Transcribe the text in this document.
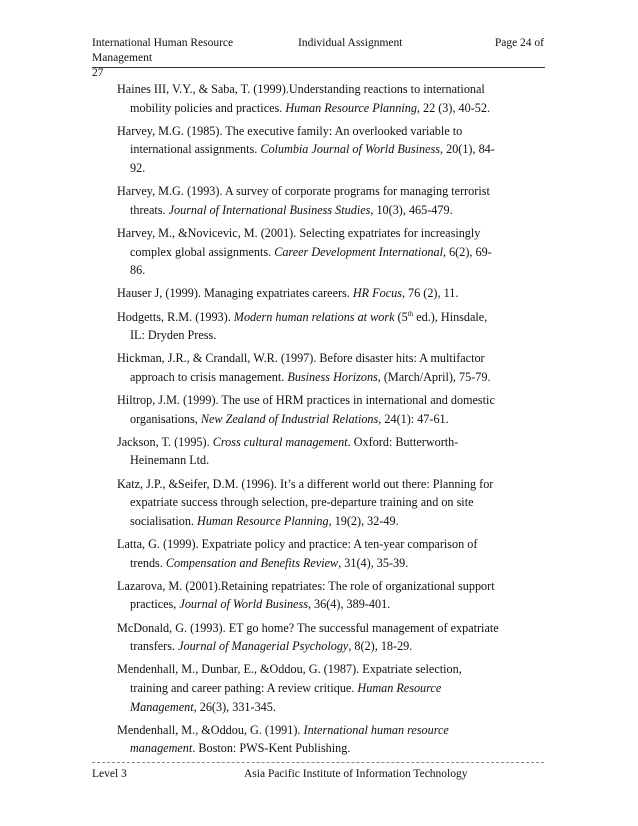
International Human Resource Management
Individual Assignment	Page 24 of
27

Haines III, V.Y., & Saba, T. (1999).Understanding reactions to international mobility policies and practices. Human Resource Planning, 22 (3), 40-52.

Harvey, M.G. (1985). The executive family: An overlooked variable to international assignments. Columbia Journal of World Business, 20(1), 84-92.

Harvey, M.G. (1993). A survey of corporate programs for managing terrorist threats. Journal of International Business Studies, 10(3), 465-479.

Harvey, M., &Novicevic, M. (2001). Selecting expatriates for increasingly complex global assignments. Career Development International, 6(2), 69-86.

Hauser J, (1999). Managing expatriates careers. HR Focus, 76 (2), 11.

Hodgetts, R.M. (1993). Modern human relations at work (5th ed.), Hinsdale, IL: Dryden Press.

Hickman, J.R., & Crandall, W.R. (1997). Before disaster hits: A multifactor approach to crisis management. Business Horizons, (March/April), 75-79.

Hiltrop, J.M. (1999). The use of HRM practices in international and domestic organisations, New Zealand of Industrial Relations, 24(1): 47-61.

Jackson, T. (1995). Cross cultural management. Oxford: Butterworth-Heinemann Ltd.

Katz, J.P., &Seifer, D.M. (1996). It’s a different world out there: Planning for expatriate success through selection, pre-departure training and on site socialisation. Human Resource Planning, 19(2), 32-49.

Latta, G. (1999). Expatriate policy and practice: A ten-year comparison of trends. Compensation and Benefits Review, 31(4), 35-39.

Lazarova, M. (2001).Retaining repatriates: The role of organizational support practices, Journal of World Business, 36(4), 389-401.

McDonald, G. (1993). ET go home? The successful management of expatriate transfers. Journal of Managerial Psychology, 8(2), 18-29.

Mendenhall, M., Dunbar, E., &Oddou, G. (1987). Expatriate selection, training and career pathing: A review critique. Human Resource Management, 26(3), 331-345.

Mendenhall, M., &Oddou, G. (1991). International human resource management. Boston: PWS-Kent Publishing.

Level 3	Asia Pacific Institute of Information Technology
